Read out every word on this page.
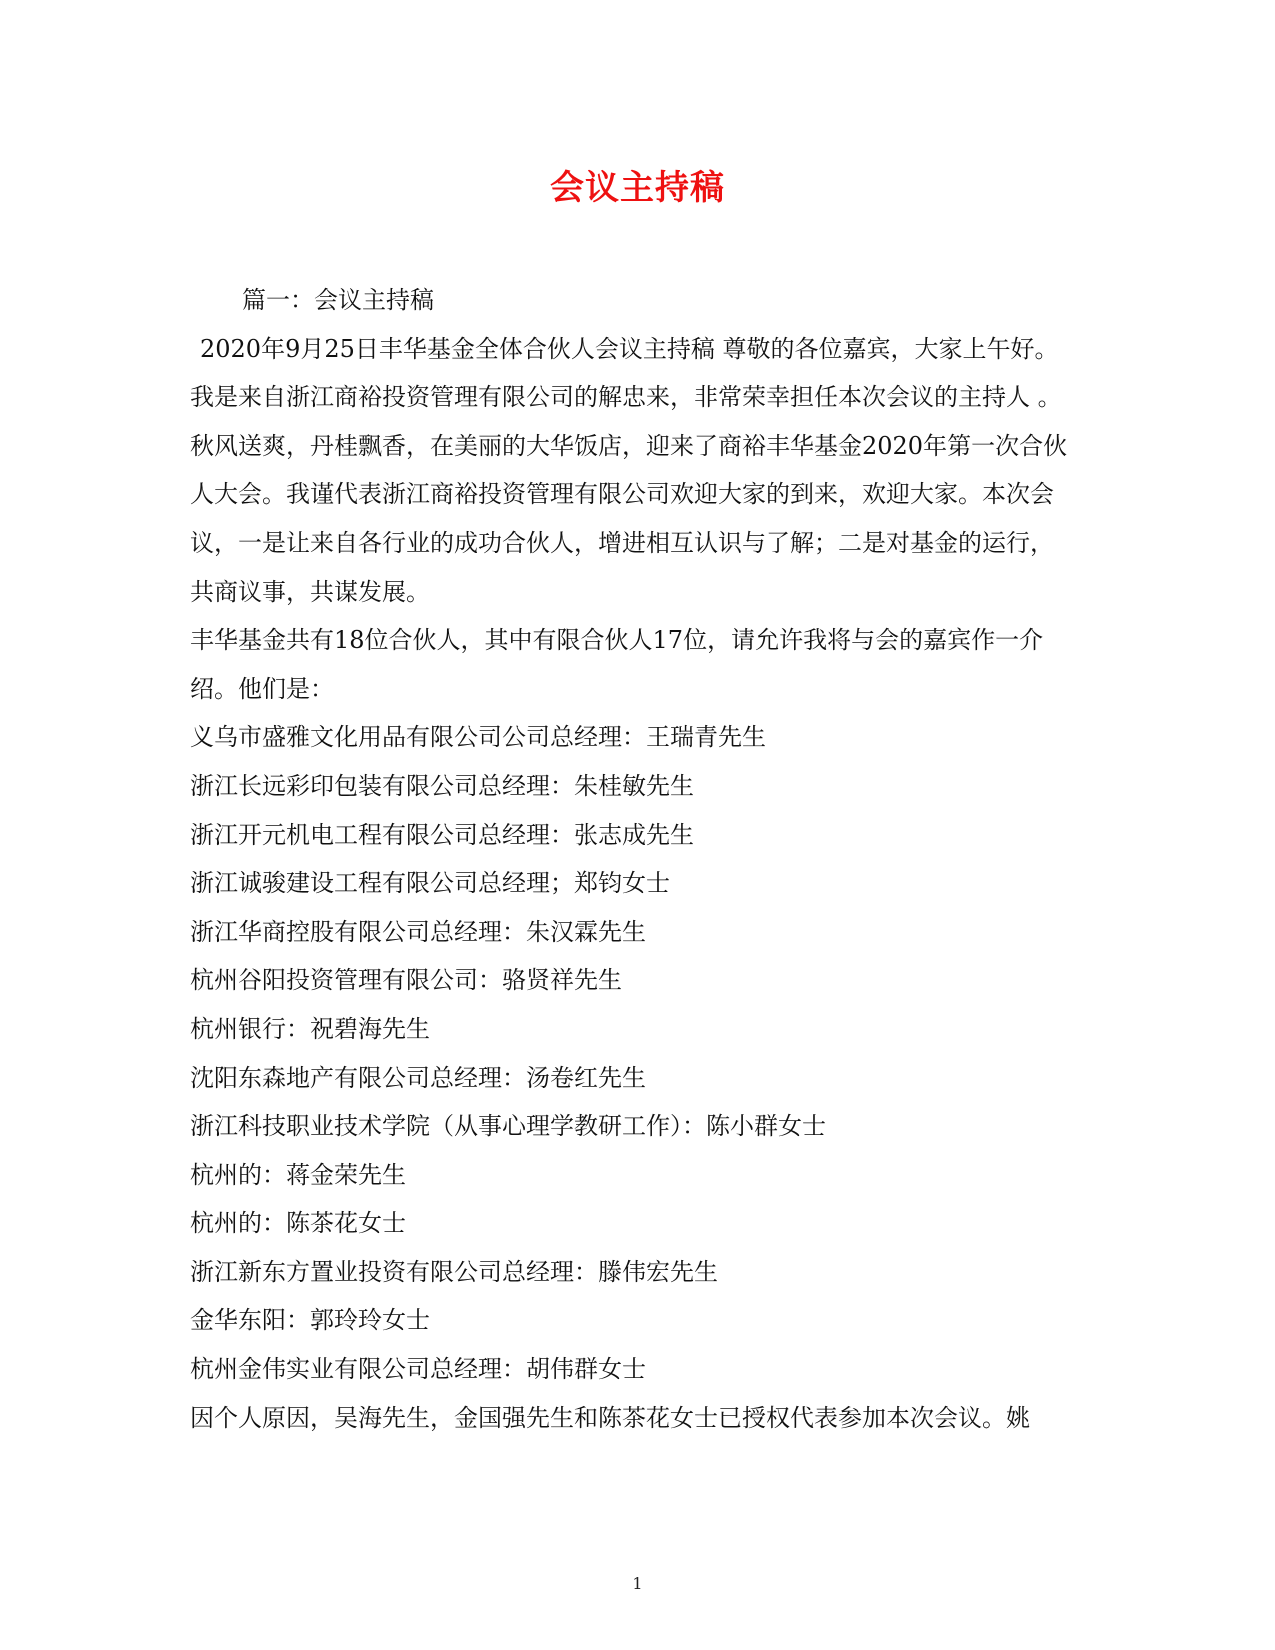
会议主持稿

篇一：会议主持稿

2020年9月25日丰华基金全体合伙人会议主持稿 尊敬的各位嘉宾，大家上午好。我是来自浙江商裕投资管理有限公司的解忠来，非常荣幸担任本次会议的主持人 。

秋风送爽，丹桂飘香，在美丽的大华饭店，迎来了商裕丰华基金2020年第一次合伙人大会。我谨代表浙江商裕投资管理有限公司欢迎大家的到来，欢迎大家。本次会议，一是让来自各行业的成功合伙人，增进相互认识与了解；二是对基金的运行，共商议事，共谋发展。

丰华基金共有18位合伙人，其中有限合伙人17位，请允许我将与会的嘉宾作一介绍。他们是：

义乌市盛雅文化用品有限公司公司总经理：王瑞青先生

浙江长远彩印包装有限公司总经理：朱桂敏先生

浙江开元机电工程有限公司总经理：张志成先生

浙江诚骏建设工程有限公司总经理；郑钧女士

浙江华商控股有限公司总经理：朱汉霖先生

杭州谷阳投资管理有限公司：骆贤祥先生

杭州银行：祝碧海先生

沈阳东森地产有限公司总经理：汤卷红先生

浙江科技职业技术学院（从事心理学教研工作）：陈小群女士

杭州的：蒋金荣先生

杭州的：陈茶花女士

浙江新东方置业投资有限公司总经理：滕伟宏先生

金华东阳：郭玲玲女士

杭州金伟实业有限公司总经理：胡伟群女士

因个人原因，吴海先生，金国强先生和陈茶花女士已授权代表参加本次会议。姚

1
